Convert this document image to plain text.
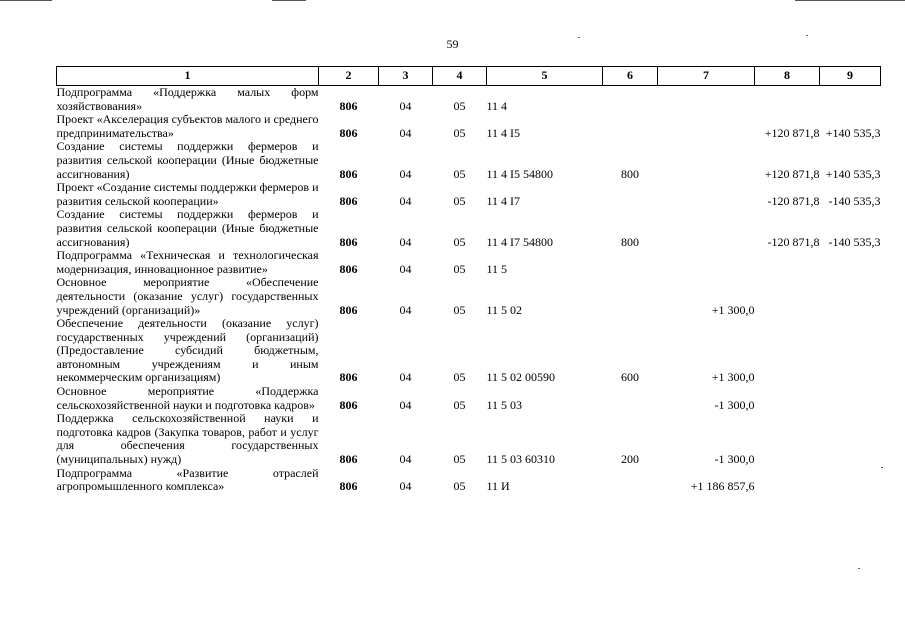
59
1	2	3	4	5	6	7	8	9
Подпрограмма «Поддержка малых форм хозяйствования»	806	04	05	11 4				
Проект «Акселерация субъектов малого и среднего предпринимательства»	806	04	05	11 4 I5			+120 871,8	+140 535,3
Создание системы поддержки фермеров и развития сельской кооперации (Иные бюджетные ассигнования)	806	04	05	11 4 I5 54800	800		+120 871,8	+140 535,3
Проект «Создание системы поддержки фермеров и развития сельской кооперации»	806	04	05	11 4 I7			-120 871,8	-140 535,3
Создание системы поддержки фермеров и развития сельской кооперации (Иные бюджетные ассигнования)	806	04	05	11 4 I7 54800	800		-120 871,8	-140 535,3
Подпрограмма «Техническая и технологическая модернизация, инновационное развитие»	806	04	05	11 5				
Основное мероприятие «Обеспечение деятельности (оказание услуг) государственных учреждений (организаций)»	806	04	05	11 5 02		+1 300,0		
Обеспечение деятельности (оказание услуг) государственных учреждений (организаций) (Предоставление субсидий бюджетным, автономным учреждениям и иным некоммерческим организациям)	806	04	05	11 5 02 00590	600	+1 300,0		
Основное мероприятие «Поддержка сельскохозяйственной науки и подготовка кадров»	806	04	05	11 5 03		-1 300,0		
Поддержка сельскохозяйственной науки и подготовка кадров (Закупка товаров, работ и услуг для обеспечения государственных (муниципальных) нужд)	806	04	05	11 5 03 60310	200	-1 300,0		
Подпрограмма «Развитие отраслей агропромышленного комплекса»	806	04	05	11 И		+1 186 857,6		
